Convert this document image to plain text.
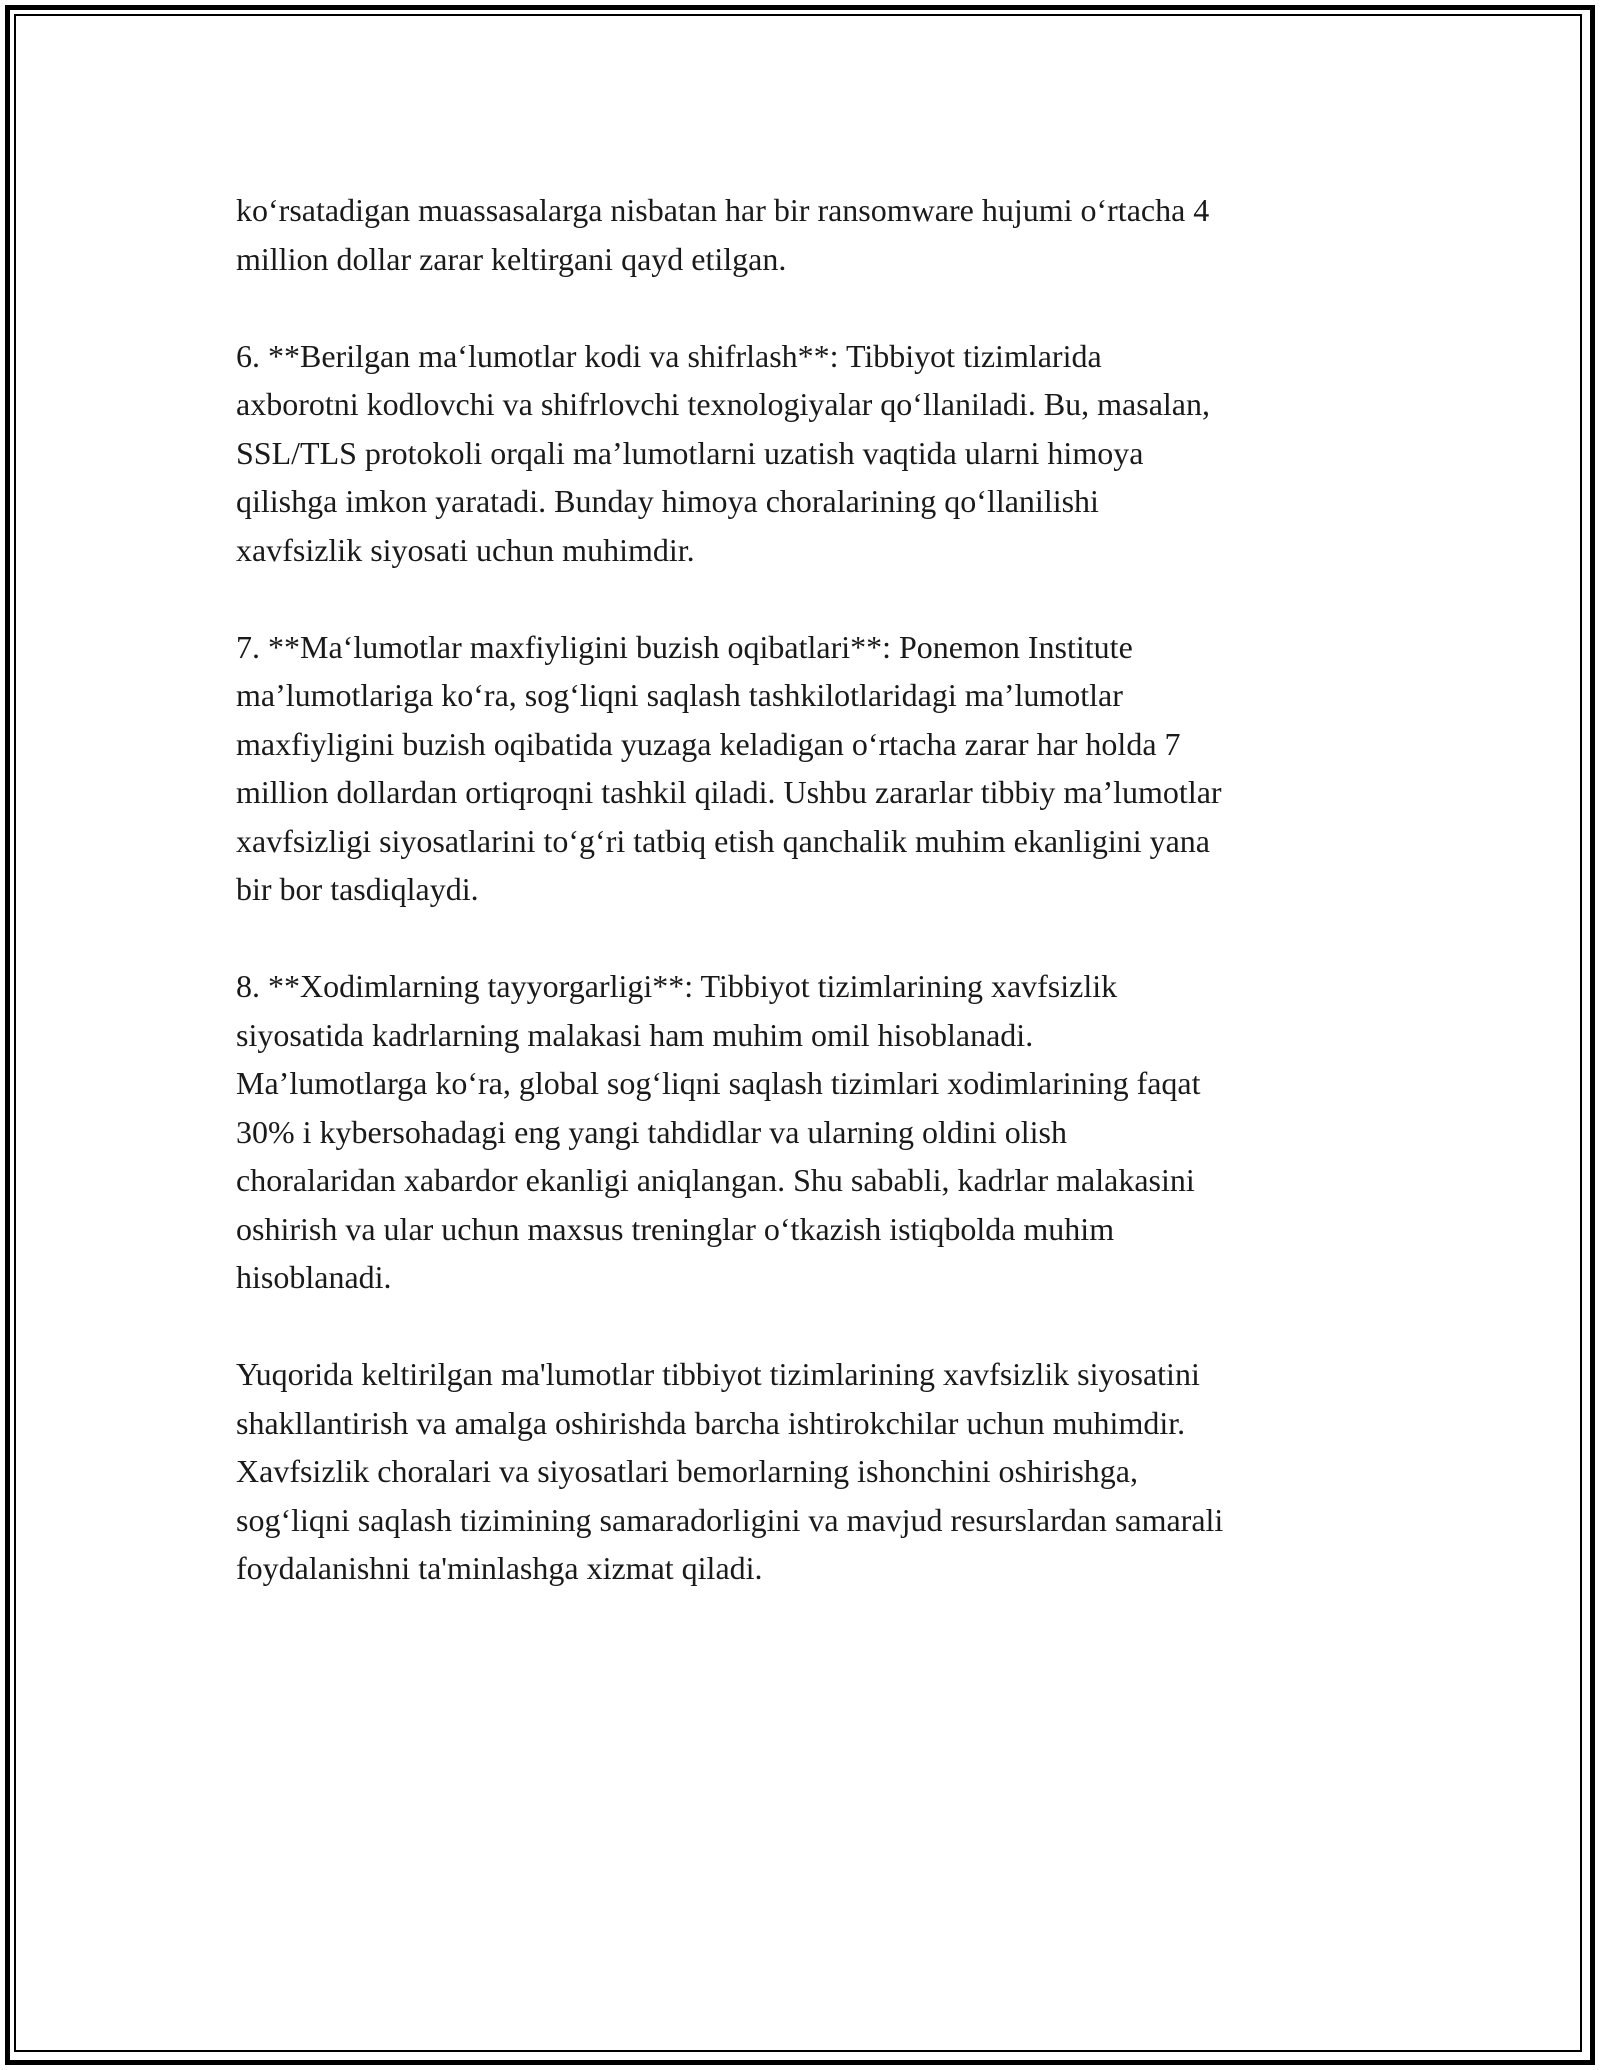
ko‘rsatadigan muassasalarga nisbatan har bir ransomware hujumi o‘rtacha 4
million dollar zarar keltirgani qayd etilgan.

6. **Berilgan ma‘lumotlar kodi va shifrlash**: Tibbiyot tizimlarida
axborotni kodlovchi va shifrlovchi texnologiyalar qo‘llaniladi. Bu, masalan,
SSL/TLS protokoli orqali ma’lumotlarni uzatish vaqtida ularni himoya
qilishga imkon yaratadi. Bunday himoya choralarining qo‘llanilishi
xavfsizlik siyosati uchun muhimdir.

7. **Ma‘lumotlar maxfiyligini buzish oqibatlari**: Ponemon Institute
ma’lumotlariga ko‘ra, sog‘liqni saqlash tashkilotlaridagi ma’lumotlar
maxfiyligini buzish oqibatida yuzaga keladigan o‘rtacha zarar har holda 7
million dollardan ortiqroqni tashkil qiladi. Ushbu zararlar tibbiy ma’lumotlar
xavfsizligi siyosatlarini to‘g‘ri tatbiq etish qanchalik muhim ekanligini yana
bir bor tasdiqlaydi.

8. **Xodimlarning tayyorgarligi**: Tibbiyot tizimlarining xavfsizlik
siyosatida kadrlarning malakasi ham muhim omil hisoblanadi.
Ma’lumotlarga ko‘ra, global sog‘liqni saqlash tizimlari xodimlarining faqat
30% i kybersohadagi eng yangi tahdidlar va ularning oldini olish
choralaridan xabardor ekanligi aniqlangan. Shu sababli, kadrlar malakasini
oshirish va ular uchun maxsus treninglar o‘tkazish istiqbolda muhim
hisoblanadi.

Yuqorida keltirilgan ma'lumotlar tibbiyot tizimlarining xavfsizlik siyosatini
shakllantirish va amalga oshirishda barcha ishtirokchilar uchun muhimdir.
Xavfsizlik choralari va siyosatlari bemorlarning ishonchini oshirishga,
sog‘liqni saqlash tizimining samaradorligini va mavjud resurslardan samarali
foydalanishni ta'minlashga xizmat qiladi.
